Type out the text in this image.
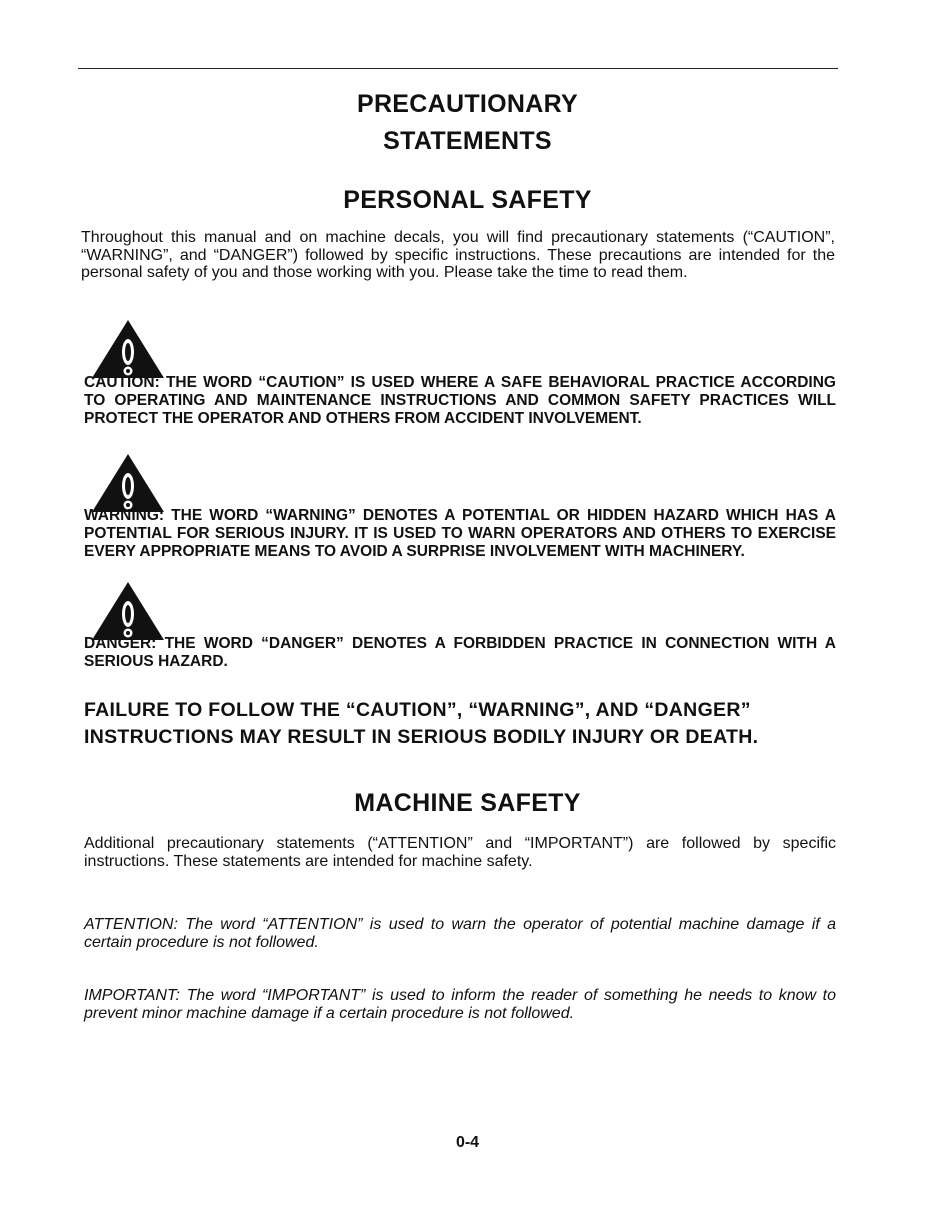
PRECAUTIONARY
STATEMENTS
PERSONAL SAFETY
Throughout this manual and on machine decals, you will find precautionary statements (“CAUTION”, “WARNING”, and “DANGER”) followed by specific instructions. These precautions are intended for the personal safety of you and those working with you. Please take the time to read them.
CAUTION: THE WORD “CAUTION” IS USED WHERE A SAFE BEHAVIORAL PRACTICE ACCORDING TO OPERATING AND MAINTENANCE INSTRUCTIONS AND COMMON SAFETY PRACTICES WILL PROTECT THE OPERATOR AND OTHERS FROM ACCIDENT INVOLVEMENT.
WARNING: THE WORD “WARNING” DENOTES A POTENTIAL OR HIDDEN HAZARD WHICH HAS A POTENTIAL FOR SERIOUS INJURY. IT IS USED TO WARN OPERATORS AND OTHERS TO EXERCISE EVERY APPROPRIATE MEANS TO AVOID A SURPRISE INVOLVEMENT WITH MACHINERY.
DANGER: THE WORD “DANGER” DENOTES A FORBIDDEN PRACTICE IN CONNECTION WITH A SERIOUS HAZARD.
FAILURE TO FOLLOW THE “CAUTION”, “WARNING”, AND “DANGER” INSTRUCTIONS MAY RESULT IN SERIOUS BODILY INJURY OR DEATH.
MACHINE SAFETY
Additional precautionary statements (“ATTENTION” and “IMPORTANT”) are followed by specific instructions. These statements are intended for machine safety.
ATTENTION: The word “ATTENTION” is used to warn the operator of potential machine damage if a certain procedure is not followed.
IMPORTANT: The word “IMPORTANT” is used to inform the reader of something he needs to know to prevent minor machine damage if a certain procedure is not followed.
0-4
